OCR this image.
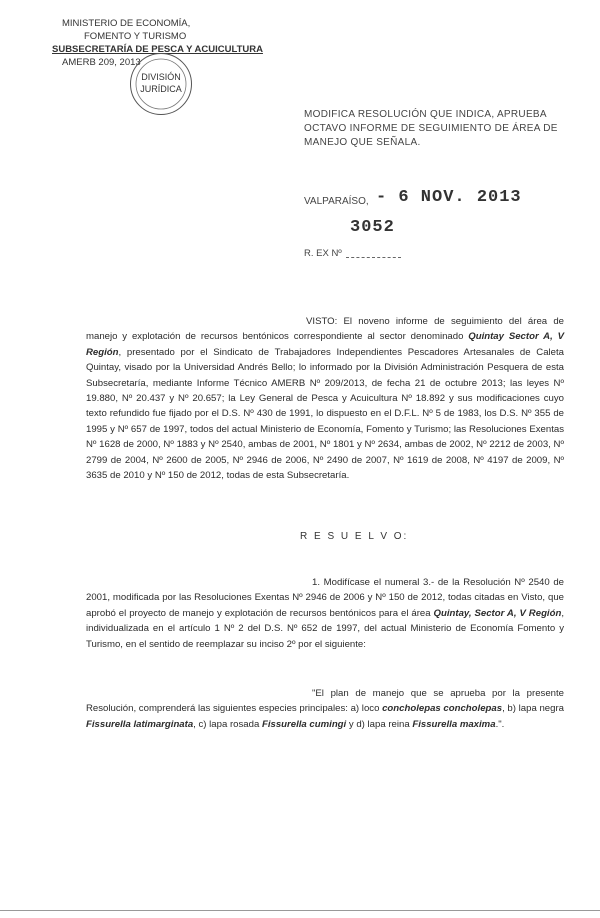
MINISTERIO DE ECONOMÍA,
FOMENTO Y TURISMO
SUBSECRETARÍA DE PESCA Y ACUICULTURA
AMERB 209, 2013
DIVISIÓN
JURÍDICA
MODIFICA RESOLUCIÓN QUE INDICA, APRUEBA OCTAVO INFORME DE SEGUIMIENTO DE ÁREA DE MANEJO QUE SEÑALA.
VALPARAÍSO, - 6 NOV. 2013
3052
R. EX Nº
VISTO: El noveno informe de seguimiento del área de manejo y explotación de recursos bentónicos correspondiente al sector denominado Quintay Sector A, V Región, presentado por el Sindicato de Trabajadores Independientes Pescadores Artesanales de Caleta Quintay, visado por la Universidad Andrés Bello; lo informado por la División Administración Pesquera de esta Subsecretaría, mediante Informe Técnico AMERB Nº 209/2013, de fecha 21 de octubre 2013; las leyes Nº 19.880, Nº 20.437 y Nº 20.657; la Ley General de Pesca y Acuicultura Nº 18.892 y sus modificaciones cuyo texto refundido fue fijado por el D.S. Nº 430 de 1991, lo dispuesto en el D.F.L. Nº 5 de 1983, los D.S. Nº 355 de 1995 y Nº 657 de 1997, todos del actual Ministerio de Economía, Fomento y Turismo; las Resoluciones Exentas Nº 1628 de 2000, Nº 1883 y Nº 2540, ambas de 2001, Nº 1801 y Nº 2634, ambas de 2002, Nº 2212 de 2003, Nº 2799 de 2004, Nº 2600 de 2005, Nº 2946 de 2006, Nº 2490 de 2007, Nº 1619 de 2008, Nº 4197 de 2009, Nº 3635 de 2010 y Nº 150 de 2012, todas de esta Subsecretaría.
R E S U E L V O:
1. Modifícase el numeral 3.- de la Resolución Nº 2540 de 2001, modificada por las Resoluciones Exentas Nº 2946 de 2006 y Nº 150 de 2012, todas citadas en Visto, que aprobó el proyecto de manejo y explotación de recursos bentónicos para el área Quintay, Sector A, V Región, individualizada en el artículo 1 Nº 2 del D.S. Nº 652 de 1997, del actual Ministerio de Economía Fomento y Turismo, en el sentido de reemplazar su inciso 2º por el siguiente:
"El plan de manejo que se aprueba por la presente Resolución, comprenderá las siguientes especies principales: a) loco concholepas concholepas, b) lapa negra Fissurella latimarginata, c) lapa rosada Fissurella cumingi y d) lapa reina Fissurella maxima.".
